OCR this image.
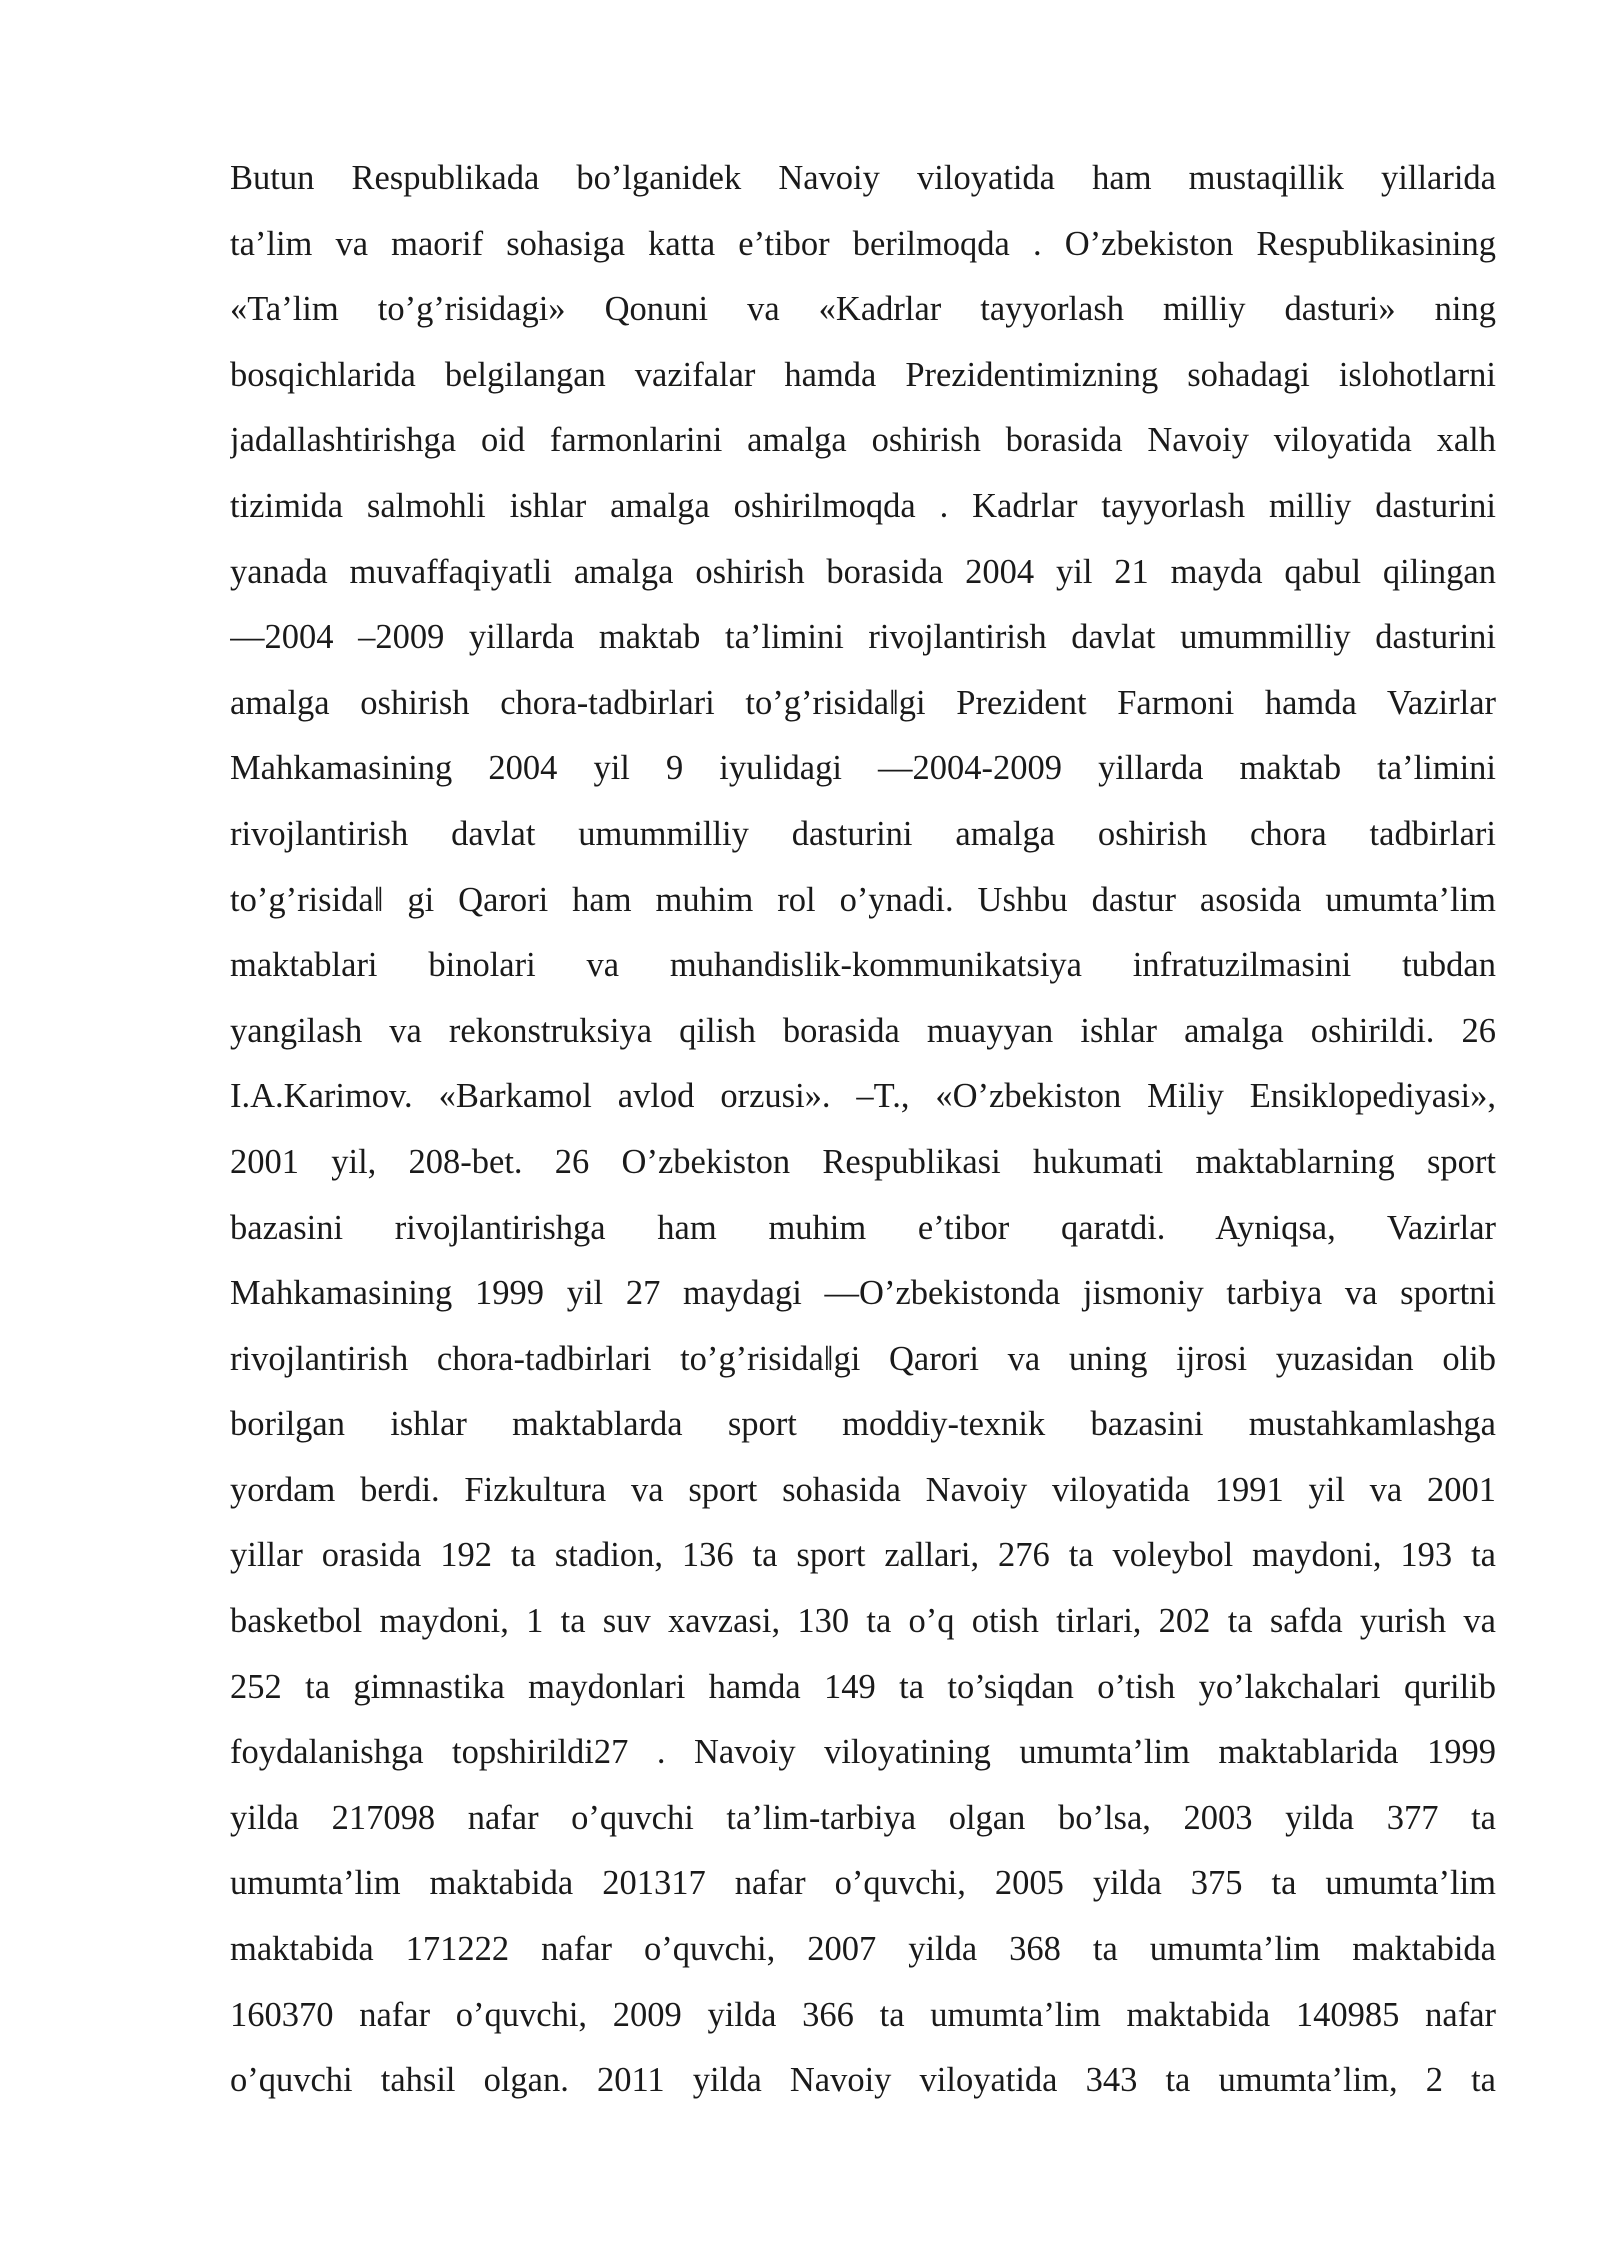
Butun Respublikada bo’lganidek Navoiy viloyatida ham mustaqillik yillarida
ta’lim va maorif sohasiga katta e’tibor berilmoqda . O’zbekiston Respublikasining
«Ta’lim to’g’risidagi» Qonuni va «Kadrlar tayyorlash milliy dasturi» ning
bosqichlarida belgilangan vazifalar hamda Prezidentimizning sohadagi islohotlarni
jadallashtirishga oid farmonlarini amalga oshirish borasida Navoiy viloyatida xalh
tizimida salmohli ishlar amalga oshirilmoqda . Kadrlar tayyorlash milliy dasturini
yanada muvaffaqiyatli amalga oshirish borasida 2004 yil 21 mayda qabul qilingan
―2004 –2009 yillarda maktab ta’limini rivojlantirish davlat umummilliy dasturini
amalga oshirish chora-tadbirlari to’g’risida‖gi Prezident Farmoni hamda Vazirlar
Mahkamasining 2004 yil 9 iyulidagi ―2004-2009 yillarda maktab ta’limini
rivojlantirish davlat umummilliy dasturini amalga oshirish chora tadbirlari
to’g’risida‖ gi Qarori ham muhim rol o’ynadi. Ushbu dastur asosida umumta’lim
maktablari binolari va muhandislik-kommunikatsiya infratuzilmasini tubdan
yangilash va rekonstruksiya qilish borasida muayyan ishlar amalga oshirildi. 26
I.A.Karimov. «Barkamol avlod orzusi». –T., «O’zbekiston Miliy Ensiklopediyasi»,
2001 yil, 208-bet. 26 O’zbekiston Respublikasi hukumati maktablarning sport
bazasini rivojlantirishga ham muhim e’tibor qaratdi. Ayniqsa, Vazirlar
Mahkamasining 1999 yil 27 maydagi ―O’zbekistonda jismoniy tarbiya va sportni
rivojlantirish chora-tadbirlari to’g’risida‖gi Qarori va uning ijrosi yuzasidan olib
borilgan ishlar maktablarda sport moddiy-texnik bazasini mustahkamlashga
yordam berdi. Fizkultura va sport sohasida Navoiy viloyatida 1991 yil va 2001
yillar orasida 192 ta stadion, 136 ta sport zallari, 276 ta voleybol maydoni, 193 ta
basketbol maydoni, 1 ta suv xavzasi, 130 ta o’q otish tirlari, 202 ta safda yurish va
252 ta gimnastika maydonlari hamda 149 ta to’siqdan o’tish yo’lakchalari qurilib
foydalanishga topshirildi27 . Navoiy viloyatining umumta’lim maktablarida 1999
yilda 217098 nafar o’quvchi ta’lim-tarbiya olgan bo’lsa, 2003 yilda 377 ta
umumta’lim maktabida 201317 nafar o’quvchi, 2005 yilda 375 ta umumta’lim
maktabida 171222 nafar o’quvchi, 2007 yilda 368 ta umumta’lim maktabida
160370 nafar o’quvchi, 2009 yilda 366 ta umumta’lim maktabida 140985 nafar
o’quvchi tahsil olgan. 2011 yilda Navoiy viloyatida 343 ta umumta’lim, 2 ta
